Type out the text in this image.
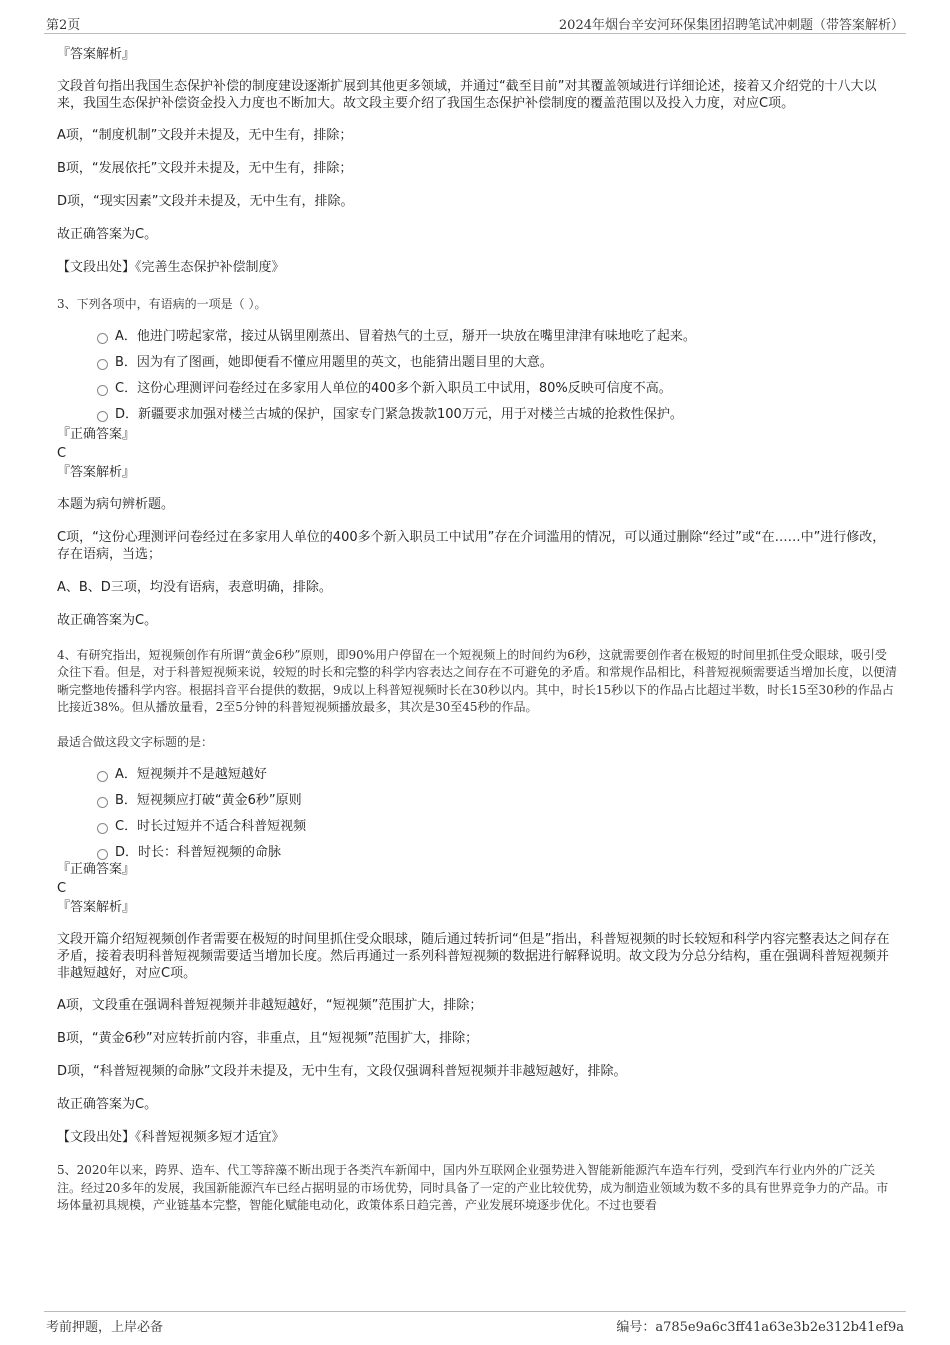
第2页	2024年烟台辛安河环保集团招聘笔试冲刺题（带答案解析）

『答案解析』

文段首句指出我国生态保护补偿的制度建设逐渐扩展到其他更多领域，并通过“截至目前”对其覆盖领域进行详细论述，接着又介绍党的十八大以来，我国生态保护补偿资金投入力度也不断加大。故文段主要介绍了我国生态保护补偿制度的覆盖范围以及投入力度，对应C项。

A项，“制度机制”文段并未提及，无中生有，排除；

B项，“发展依托”文段并未提及，无中生有，排除；

D项，“现实因素”文段并未提及，无中生有，排除。

故正确答案为C。

【文段出处】《完善生态保护补偿制度》

3、下列各项中，有语病的一项是（ ）。

A．他进门唠起家常，接过从锅里刚蒸出、冒着热气的土豆，掰开一块放在嘴里津津有味地吃了起来。

B．因为有了图画，她即便看不懂应用题里的英文，也能猜出题目里的大意。

C．这份心理测评问卷经过在多家用人单位的400多个新入职员工中试用，80%反映可信度不高。

D．新疆要求加强对楼兰古城的保护，国家专门紧急拨款100万元，用于对楼兰古城的抢救性保护。

『正确答案』

C

『答案解析』

本题为病句辨析题。

C项，“这份心理测评问卷经过在多家用人单位的400多个新入职员工中试用”存在介词滥用的情况，可以通过删除“经过”或“在……中”进行修改，存在语病，当选；

A、B、D三项，均没有语病，表意明确，排除。

故正确答案为C。

4、有研究指出，短视频创作有所谓“黄金6秒”原则，即90%用户停留在一个短视频上的时间约为6秒，这就需要创作者在极短的时间里抓住受众眼球，吸引受众往下看。但是，对于科普短视频来说，较短的时长和完整的科学内容表达之间存在不可避免的矛盾。和常规作品相比，科普短视频需要适当增加长度，以便清晰完整地传播科学内容。根据抖音平台提供的数据，9成以上科普短视频时长在30秒以内。其中，时长15秒以下的作品占比超过半数，时长15至30秒的作品占比接近38%。但从播放量看，2至5分钟的科普短视频播放最多，其次是30至45秒的作品。

最适合做这段文字标题的是：

A．短视频并不是越短越好

B．短视频应打破“黄金6秒”原则

C．时长过短并不适合科普短视频

D．时长：科普短视频的命脉

『正确答案』

C

『答案解析』

文段开篇介绍短视频创作者需要在极短的时间里抓住受众眼球，随后通过转折词“但是”指出，科普短视频的时长较短和科学内容完整表达之间存在矛盾，接着表明科普短视频需要适当增加长度。然后再通过一系列科普短视频的数据进行解释说明。故文段为分总分结构，重在强调科普短视频并非越短越好，对应C项。

A项，文段重在强调科普短视频并非越短越好，“短视频”范围扩大，排除；

B项，“黄金6秒”对应转折前内容，非重点，且“短视频”范围扩大，排除；

D项，“科普短视频的命脉”文段并未提及，无中生有，文段仅强调科普短视频并非越短越好，排除。

故正确答案为C。

【文段出处】《科普短视频多短才适宜》

5、2020年以来，跨界、造车、代工等辞藻不断出现于各类汽车新闻中，国内外互联网企业强势进入智能新能源汽车造车行列，受到汽车行业内外的广泛关注。经过20多年的发展，我国新能源汽车已经占据明显的市场优势，同时具备了一定的产业比较优势，成为制造业领域为数不多的具有世界竞争力的产品。市场体量初具规模，产业链基本完整，智能化赋能电动化，政策体系日趋完善，产业发展环境逐步优化。不过也要看

考前押题，上岸必备	编号：a785e9a6c3ff41a63e3b2e312b41ef9a
